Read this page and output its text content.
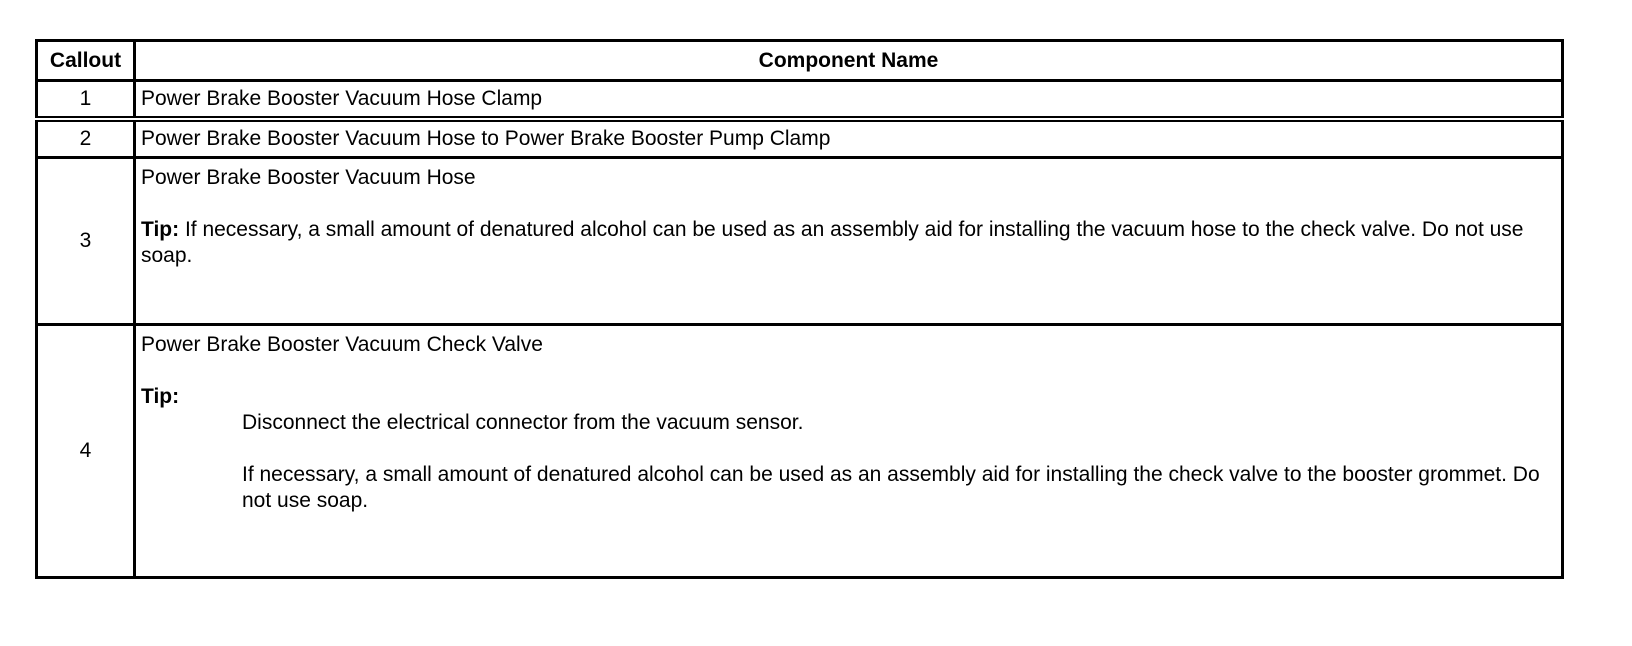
Callout	Component Name
1	Power Brake Booster Vacuum Hose Clamp
2	Power Brake Booster Vacuum Hose to Power Brake Booster Pump Clamp
3	Power Brake Booster Vacuum Hose
Tip: If necessary, a small amount of denatured alcohol can be used as an assembly aid for installing the vacuum hose to the check valve. Do not use soap.

4	Power Brake Booster Vacuum Check Valve
Tip:
Disconnect the electrical connector from the vacuum sensor.
If necessary, a small amount of denatured alcohol can be used as an assembly aid for installing the check valve to the booster grommet. Do not use soap.
